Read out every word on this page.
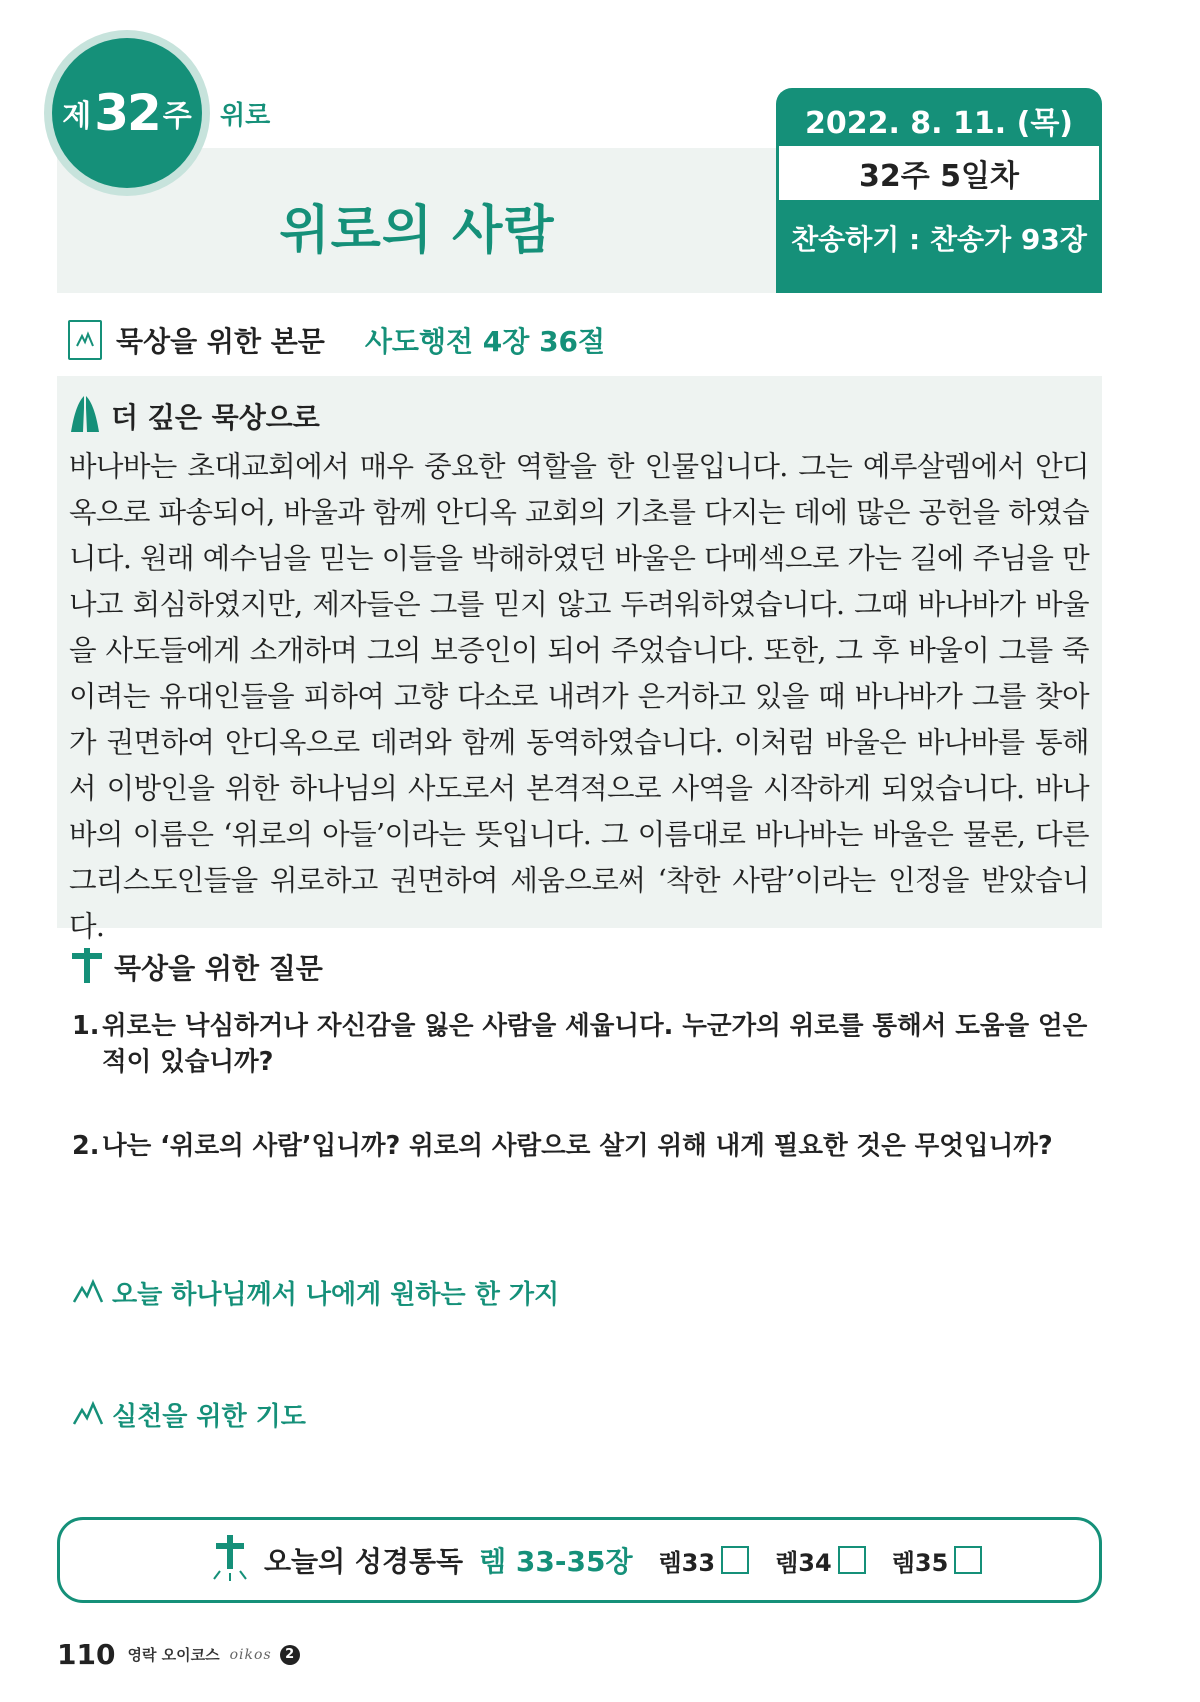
제 32 주 위로
위로의 사람
2022. 8. 11. (목)
32주 5일차
찬송하기 : 찬송가 93장
묵상을 위한 본문 사도행전 4장 36절
더 깊은 묵상으로
바나바는 초대교회에서 매우 중요한 역할을 한 인물입니다. 그는 예루살렘에서 안디옥으로 파송되어, 바울과 함께 안디옥 교회의 기초를 다지는 데에 많은 공헌을 하였습니다. 원래 예수님을 믿는 이들을 박해하였던 바울은 다메섹으로 가는 길에 주님을 만나고 회심하였지만, 제자들은 그를 믿지 않고 두려워하였습니다. 그때 바나바가 바울을 사도들에게 소개하며 그의 보증인이 되어 주었습니다. 또한, 그 후 바울이 그를 죽이려는 유대인들을 피하여 고향 다소로 내려가 은거하고 있을 때 바나바가 그를 찾아가 권면하여 안디옥으로 데려와 함께 동역하였습니다. 이처럼 바울은 바나바를 통해서 이방인을 위한 하나님의 사도로서 본격적으로 사역을 시작하게 되었습니다. 바나바의 이름은 ‘위로의 아들’이라는 뜻입니다. 그 이름대로 바나바는 바울은 물론, 다른 그리스도인들을 위로하고 권면하여 세움으로써 ‘착한 사람’이라는 인정을 받았습니다.
묵상을 위한 질문
1. 위로는 낙심하거나 자신감을 잃은 사람을 세웁니다. 누군가의 위로를 통해서 도움을 얻은 적이 있습니까?
2. 나는 ‘위로의 사람’입니까? 위로의 사람으로 살기 위해 내게 필요한 것은 무엇입니까?
오늘 하나님께서 나에게 원하는 한 가지
실천을 위한 기도
오늘의 성경통독 렘 33-35장 렘33	렘34	렘35
110 영락 오이코스 oikos	2
